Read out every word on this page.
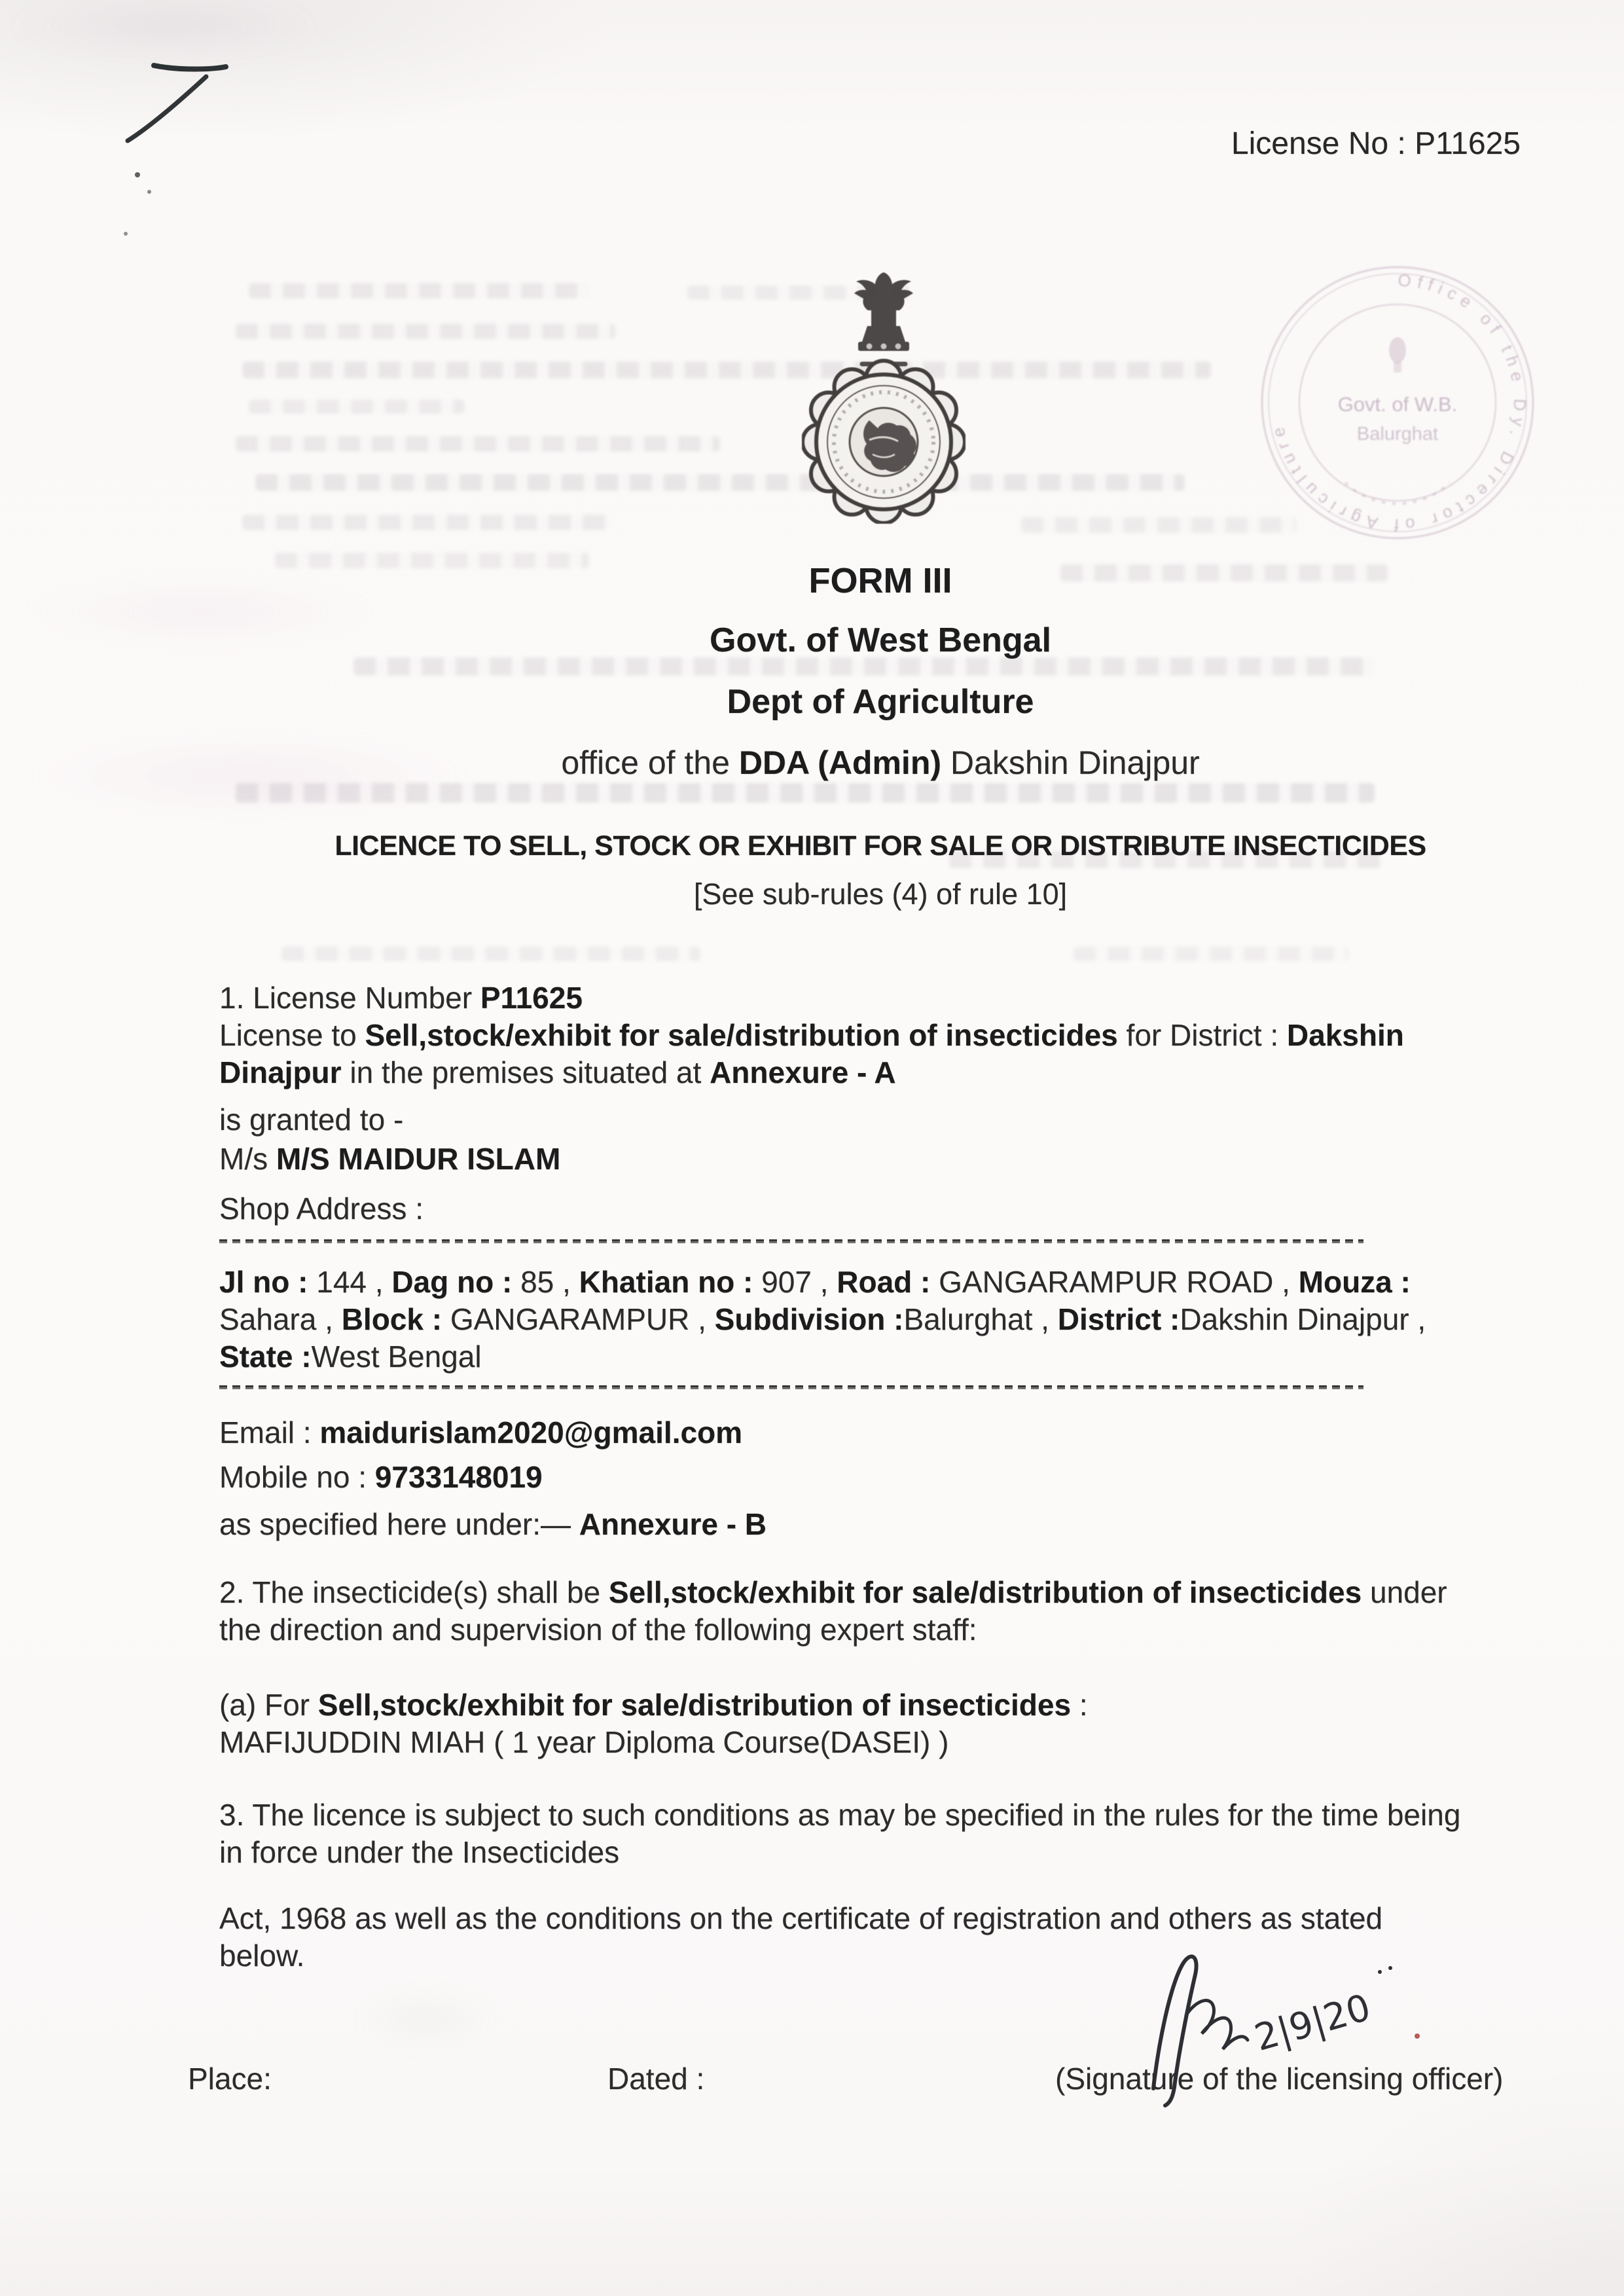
Office of the Dy. Director of Agriculture
Govt. of W.B.
Balurghat
License No : P11625
FORM III
Govt. of West Bengal
Dept of Agriculture
office of the DDA (Admin) Dakshin Dinajpur
LICENCE TO SELL, STOCK OR EXHIBIT FOR SALE OR DISTRIBUTE INSECTICIDES
[See sub-rules (4) of rule 10]
1. License Number P11625
License to Sell,stock/exhibit for sale/distribution of insecticides for District : Dakshin
Dinajpur in the premises situated at Annexure - A
is granted to -
M/s M/S MAIDUR ISLAM
Shop Address :
Jl no : 144 , Dag no : 85 , Khatian no : 907 , Road : GANGARAMPUR ROAD , Mouza :
Sahara , Block : GANGARAMPUR , Subdivision :Balurghat , District :Dakshin Dinajpur ,
State :West Bengal
Email : maidurislam2020@gmail.com
Mobile no : 9733148019
as specified here under:— Annexure - B
2. The insecticide(s) shall be Sell,stock/exhibit for sale/distribution of insecticides under
the direction and supervision of the following expert staff:
(a) For Sell,stock/exhibit for sale/distribution of insecticides :
MAFIJUDDIN MIAH ( 1 year Diploma Course(DASEI) )
3. The licence is subject to such conditions as may be specified in the rules for the time being
in force under the Insecticides
Act, 1968 as well as the conditions on the certificate of registration and others as stated
below.
2|9|20
Place:	Dated :	(Signature of the licensing officer)
